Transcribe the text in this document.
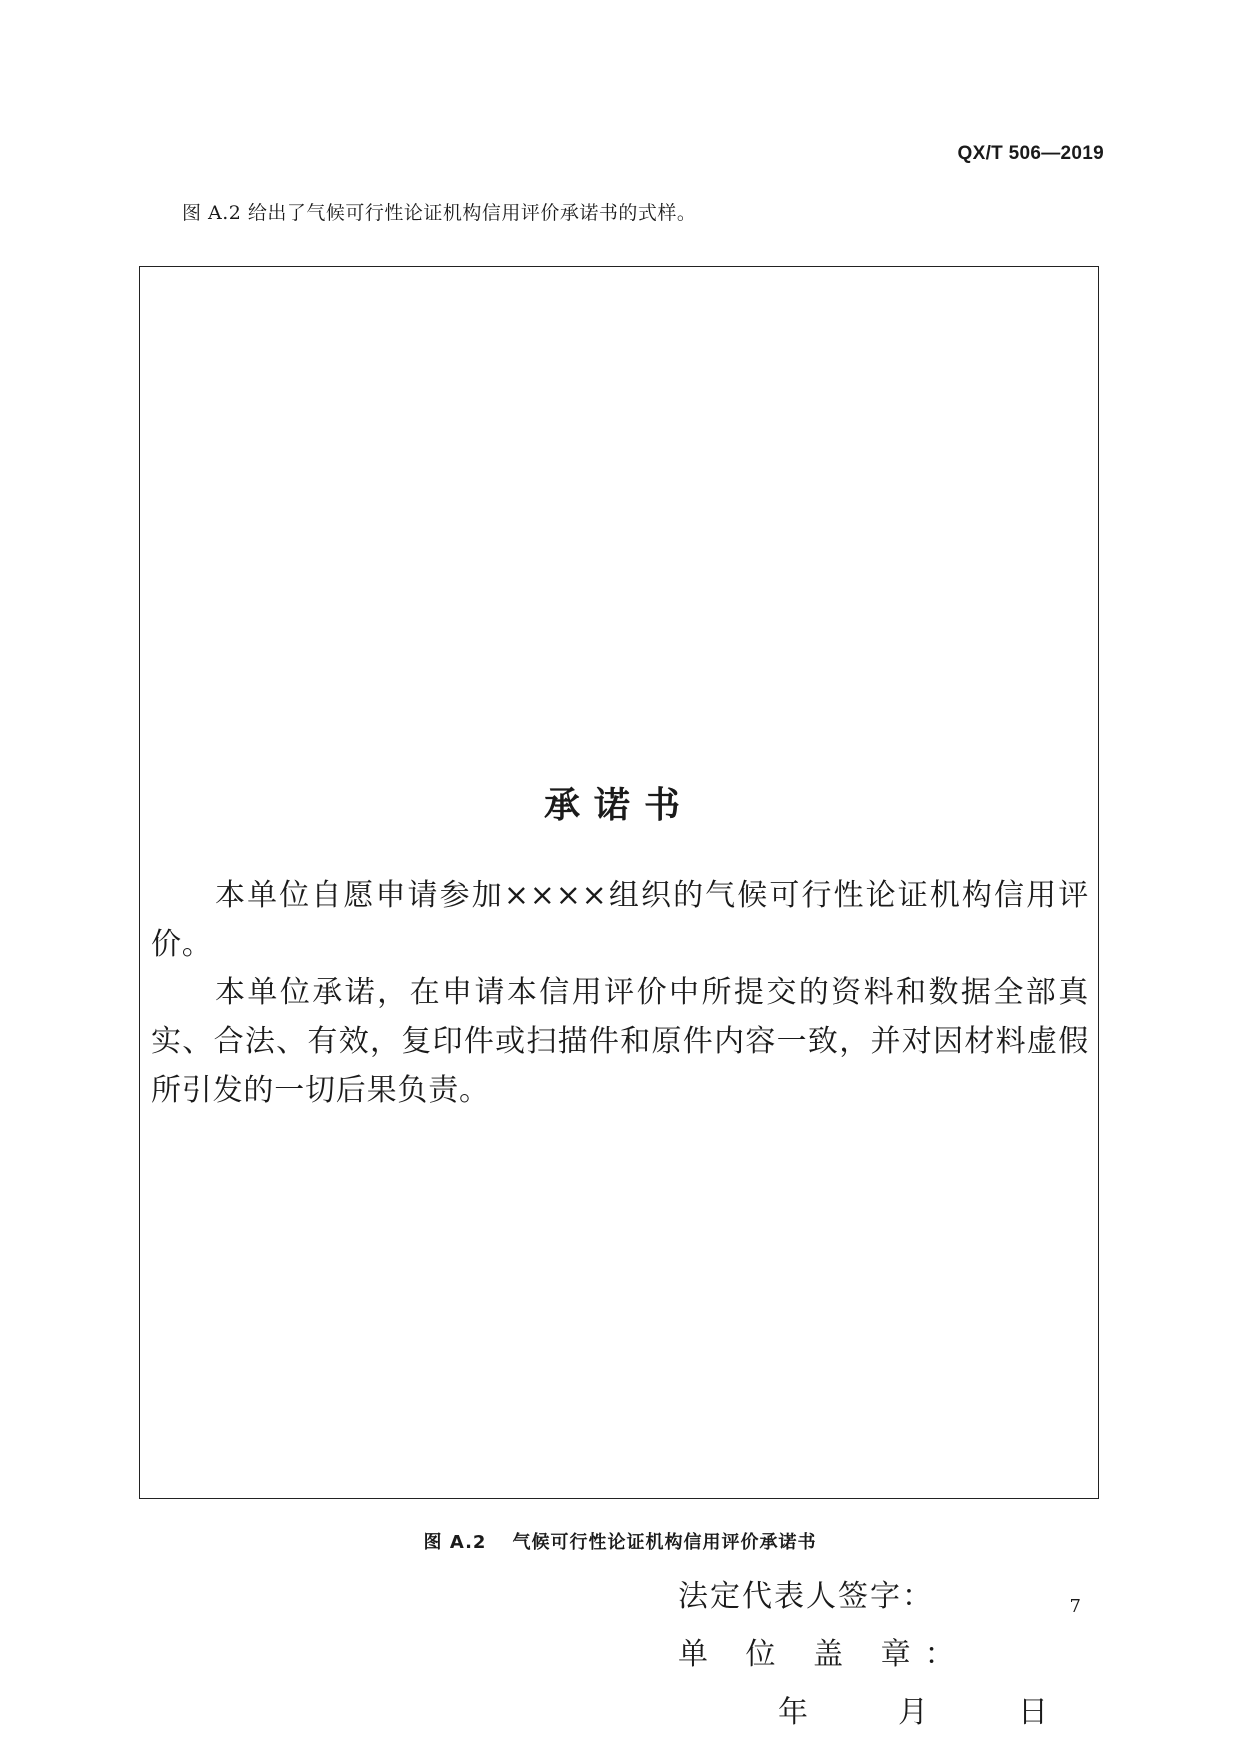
QX/T 506—2019
图 A.2 给出了气候可行性论证机构信用评价承诺书的式样。
承诺书

本单位自愿申请参加××××组织的气候可行性论证机构信用评价。

本单位承诺，在申请本信用评价中所提交的资料和数据全部真实、合法、有效，复印件或扫描件和原件内容一致，并对因材料虚假所引发的一切后果负责。

法定代表人签字：
单 位 盖 章：
年　　月　　日
图 A.2 气候可行性论证机构信用评价承诺书
7
